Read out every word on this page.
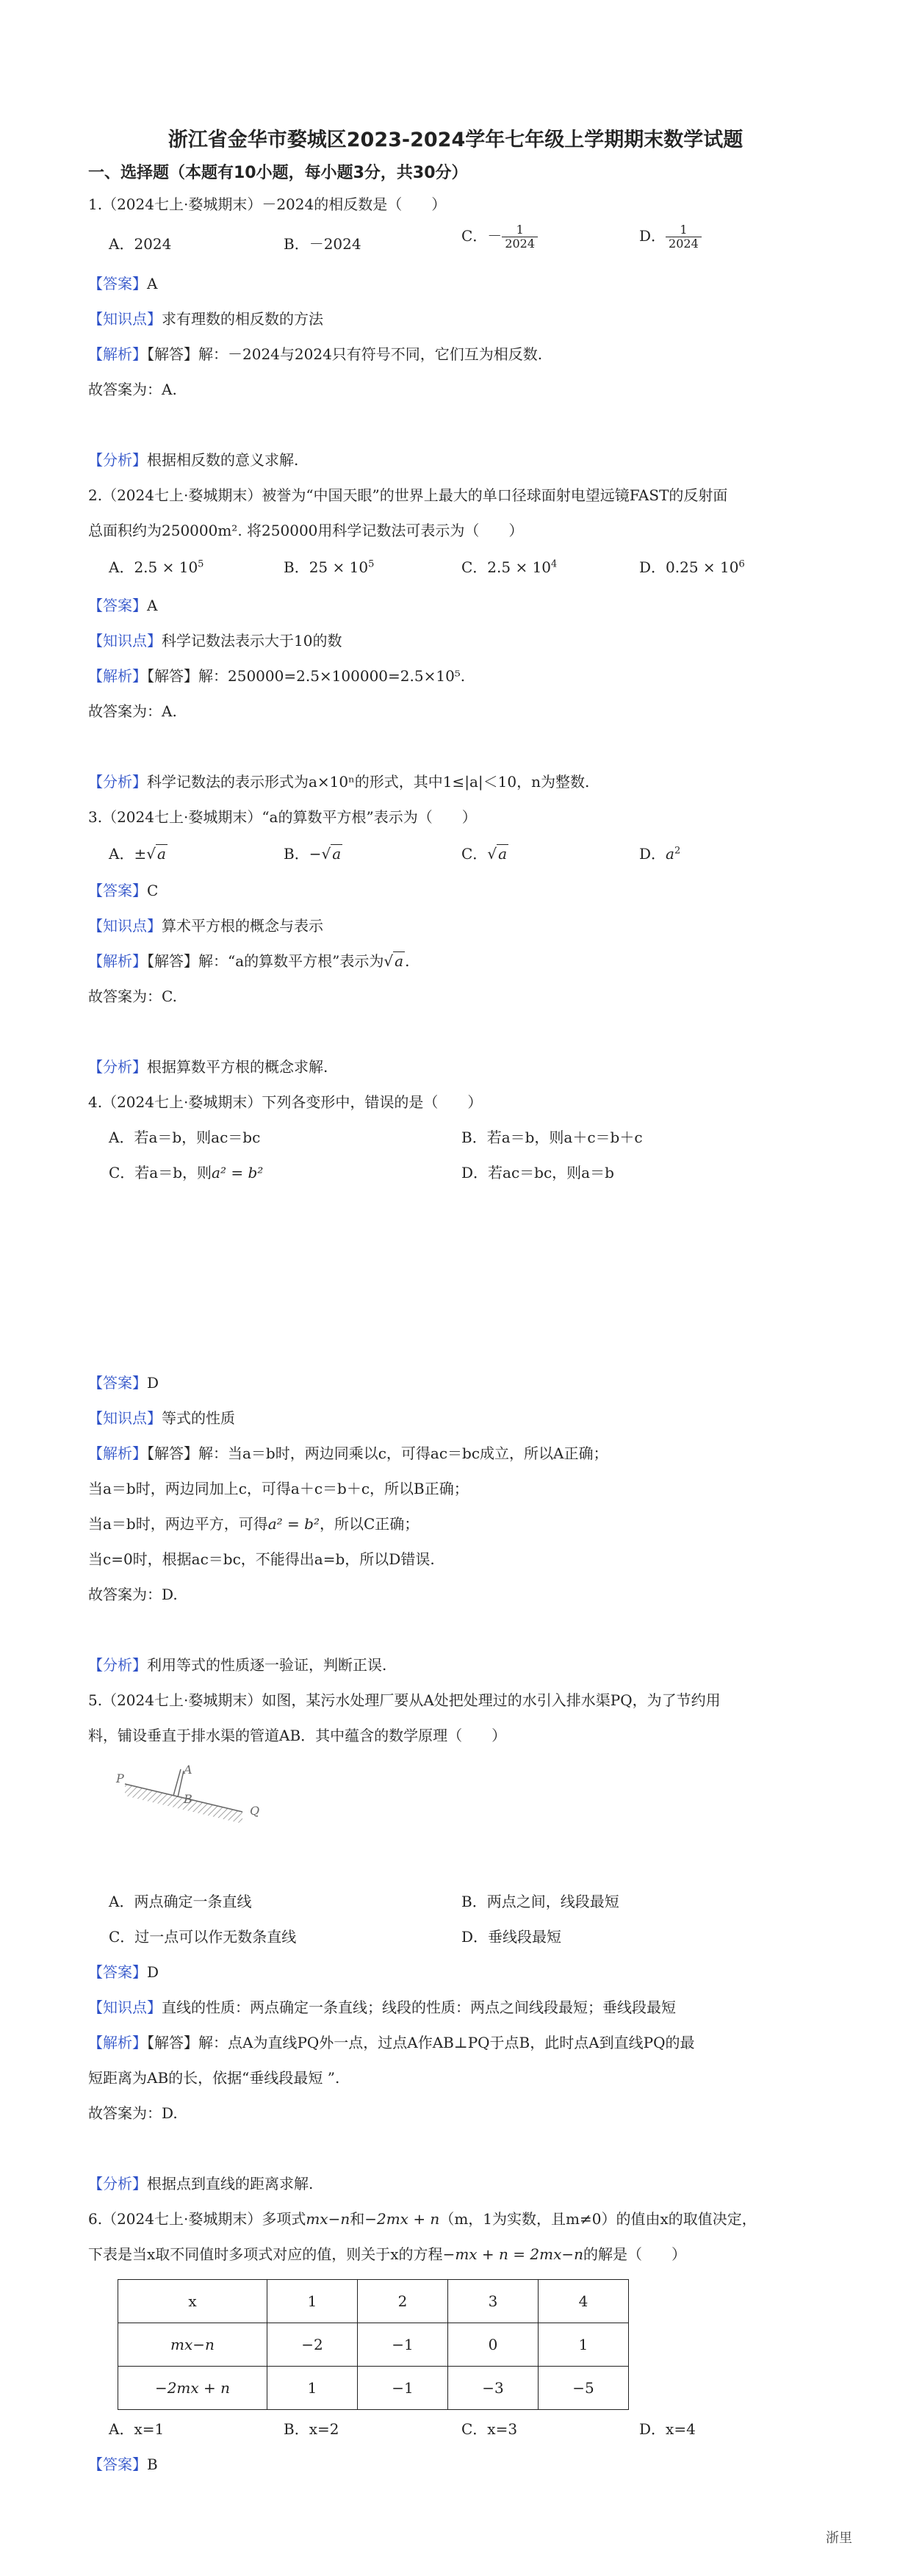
浙江省金华市婺城区2023-2024学年七年级上学期期末数学试题
一、选择题（本题有10小题，每小题3分，共30分）
1.（2024七上·婺城期末）－2024的相反数是（　　）
A．2024	B．－2024	C．－ $\frac{1}{2024}$	D． $\frac{1}{2024}$
【答案】A
【知识点】求有理数的相反数的方法
【解析】【解答】解：－2024与2024只有符号不同，它们互为相反数.
故答案为：A.
【分析】根据相反数的意义求解.
2.（2024七上·婺城期末）被誉为“中国天眼”的世界上最大的单口径球面射电望远镜FAST的反射面
总面积约为250000m². 将250000用科学记数法可表示为（　　）
A．$2.5 \times 10^5$	B．$25 \times 10^5$	C．$2.5 \times 10^4$	D．$0.25 \times 10^6$
【答案】A
【知识点】科学记数法表示大于10的数
【解析】【解答】解：250000=2.5×100000=2.5×10⁵.
故答案为：A.
【分析】科学记数法的表示形式为a×10ⁿ的形式，其中1≤|a|＜10，n为整数.
3.（2024七上·婺城期末）“a的算数平方根”表示为（　　）
A．±√ a	B．−√ a	C．√ a	D．$a^2$
【答案】C
【知识点】算术平方根的概念与表示
【解析】【解答】解：“a的算数平方根”表示为√ a .
故答案为：C.
【分析】根据算数平方根的概念求解.
4.（2024七上·婺城期末）下列各变形中，错误的是（　　）
A．若a＝b，则ac＝bc	B．若a＝b，则a＋c＝b＋c
C．若a＝b，则a² = b²	D．若ac＝bc，则a＝b
【答案】D
【知识点】等式的性质
【解析】【解答】解：当a＝b时，两边同乘以c，可得ac＝bc成立，所以A正确；
当a＝b时，两边同加上c，可得a＋c＝b＋c，所以B正确；
当a＝b时，两边平方，可得a² = b²，所以C正确；
当c=0时，根据ac＝bc，不能得出a=b，所以D错误.
故答案为：D.
【分析】利用等式的性质逐一验证，判断正误.
5.（2024七上·婺城期末）如图，某污水处理厂要从A处把处理过的水引入排水渠PQ，为了节约用
料，铺设垂直于排水渠的管道AB．其中蕴含的数学原理（　　）
P
A
B
Q
A．两点确定一条直线	B．两点之间，线段最短
C．过一点可以作无数条直线	D．垂线段最短
【答案】D
【知识点】直线的性质：两点确定一条直线；线段的性质：两点之间线段最短；垂线段最短
【解析】【解答】解：点A为直线PQ外一点，过点A作AB⊥PQ于点B，此时点A到直线PQ的最
短距离为AB的长，依据“垂线段最短 ”.
故答案为：D.
【分析】根据点到直线的距离求解.
6.（2024七上·婺城期末）多项式mx−n和−2mx + n（m，1为实数，且m≠0）的值由x的取值决定，
下表是当x取不同值时多项式对应的值，则关于x的方程−mx + n = 2mx−n的解是（　　）
x	1	2	3	4
mx−n	−2	−1	0	1
−2mx + n	1	−1	−3	−5
A．x=1	B．x=2	C．x=3	D．x=4
【答案】B
浙里
